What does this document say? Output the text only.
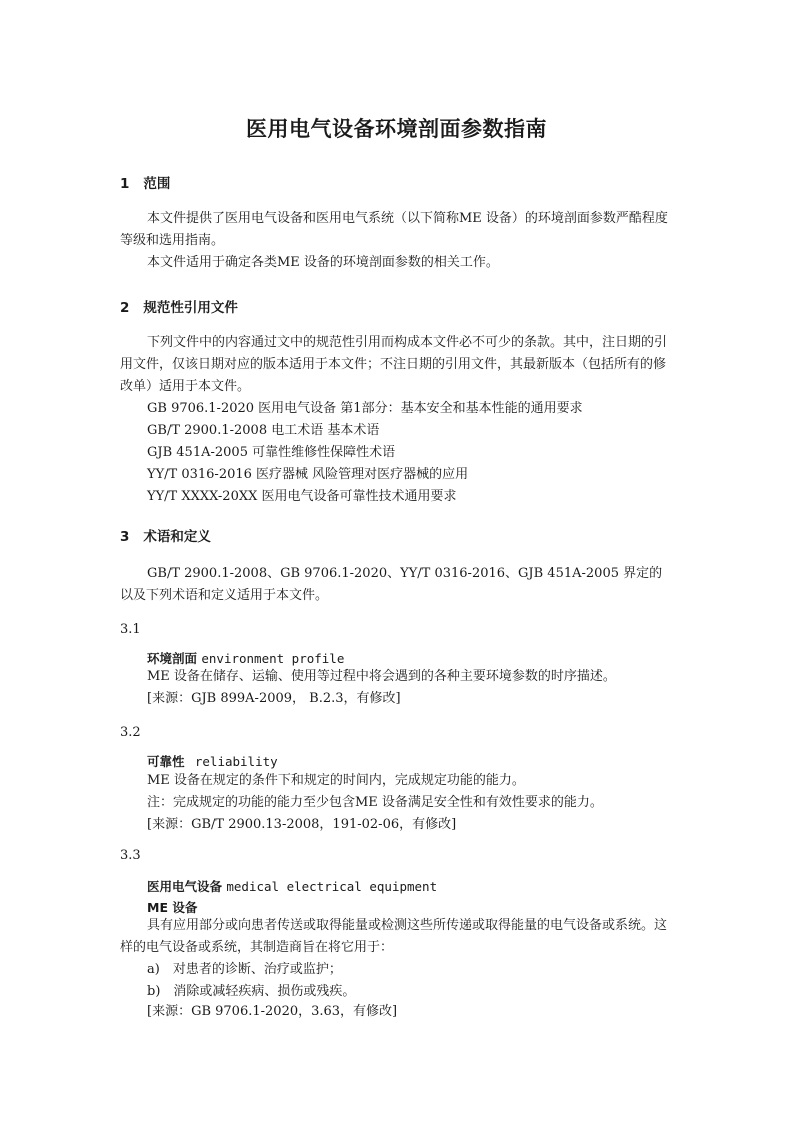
医用电气设备环境剖面参数指南
1 范围
本文件提供了医用电气设备和医用电气系统（以下简称ME 设备）的环境剖面参数严酷程度等级和选用指南。
本文件适用于确定各类ME 设备的环境剖面参数的相关工作。
2 规范性引用文件
下列文件中的内容通过文中的规范性引用而构成本文件必不可少的条款。其中，注日期的引用文件，仅该日期对应的版本适用于本文件；不注日期的引用文件，其最新版本（包括所有的修改单）适用于本文件。
GB 9706.1-2020 医用电气设备 第1部分：基本安全和基本性能的通用要求
GB/T 2900.1-2008 电工术语 基本术语
GJB 451A-2005 可靠性维修性保障性术语
YY/T 0316-2016 医疗器械 风险管理对医疗器械的应用
YY/T XXXX-20XX 医用电气设备可靠性技术通用要求
3 术语和定义
GB/T 2900.1-2008、GB 9706.1-2020、YY/T 0316-2016、GJB 451A-2005 界定的以及下列术语和定义适用于本文件。
3.1
环境剖面 environment profile
ME 设备在储存、运输、使用等过程中将会遇到的各种主要环境参数的时序描述。
[来源：GJB 899A-2009， B.2.3，有修改]
3.2
可靠性 reliability
ME 设备在规定的条件下和规定的时间内，完成规定功能的能力。
注：完成规定的功能的能力至少包含ME 设备满足安全性和有效性要求的能力。
[来源：GB/T 2900.13-2008，191-02-06，有修改]
3.3
医用电气设备 medical electrical equipment
ME 设备
具有应用部分或向患者传送或取得能量或检测这些所传递或取得能量的电气设备或系统。这样的电气设备或系统，其制造商旨在将它用于：
a)　对患者的诊断、治疗或监护；
b)　消除或减轻疾病、损伤或残疾。
[来源：GB 9706.1-2020，3.63，有修改]
